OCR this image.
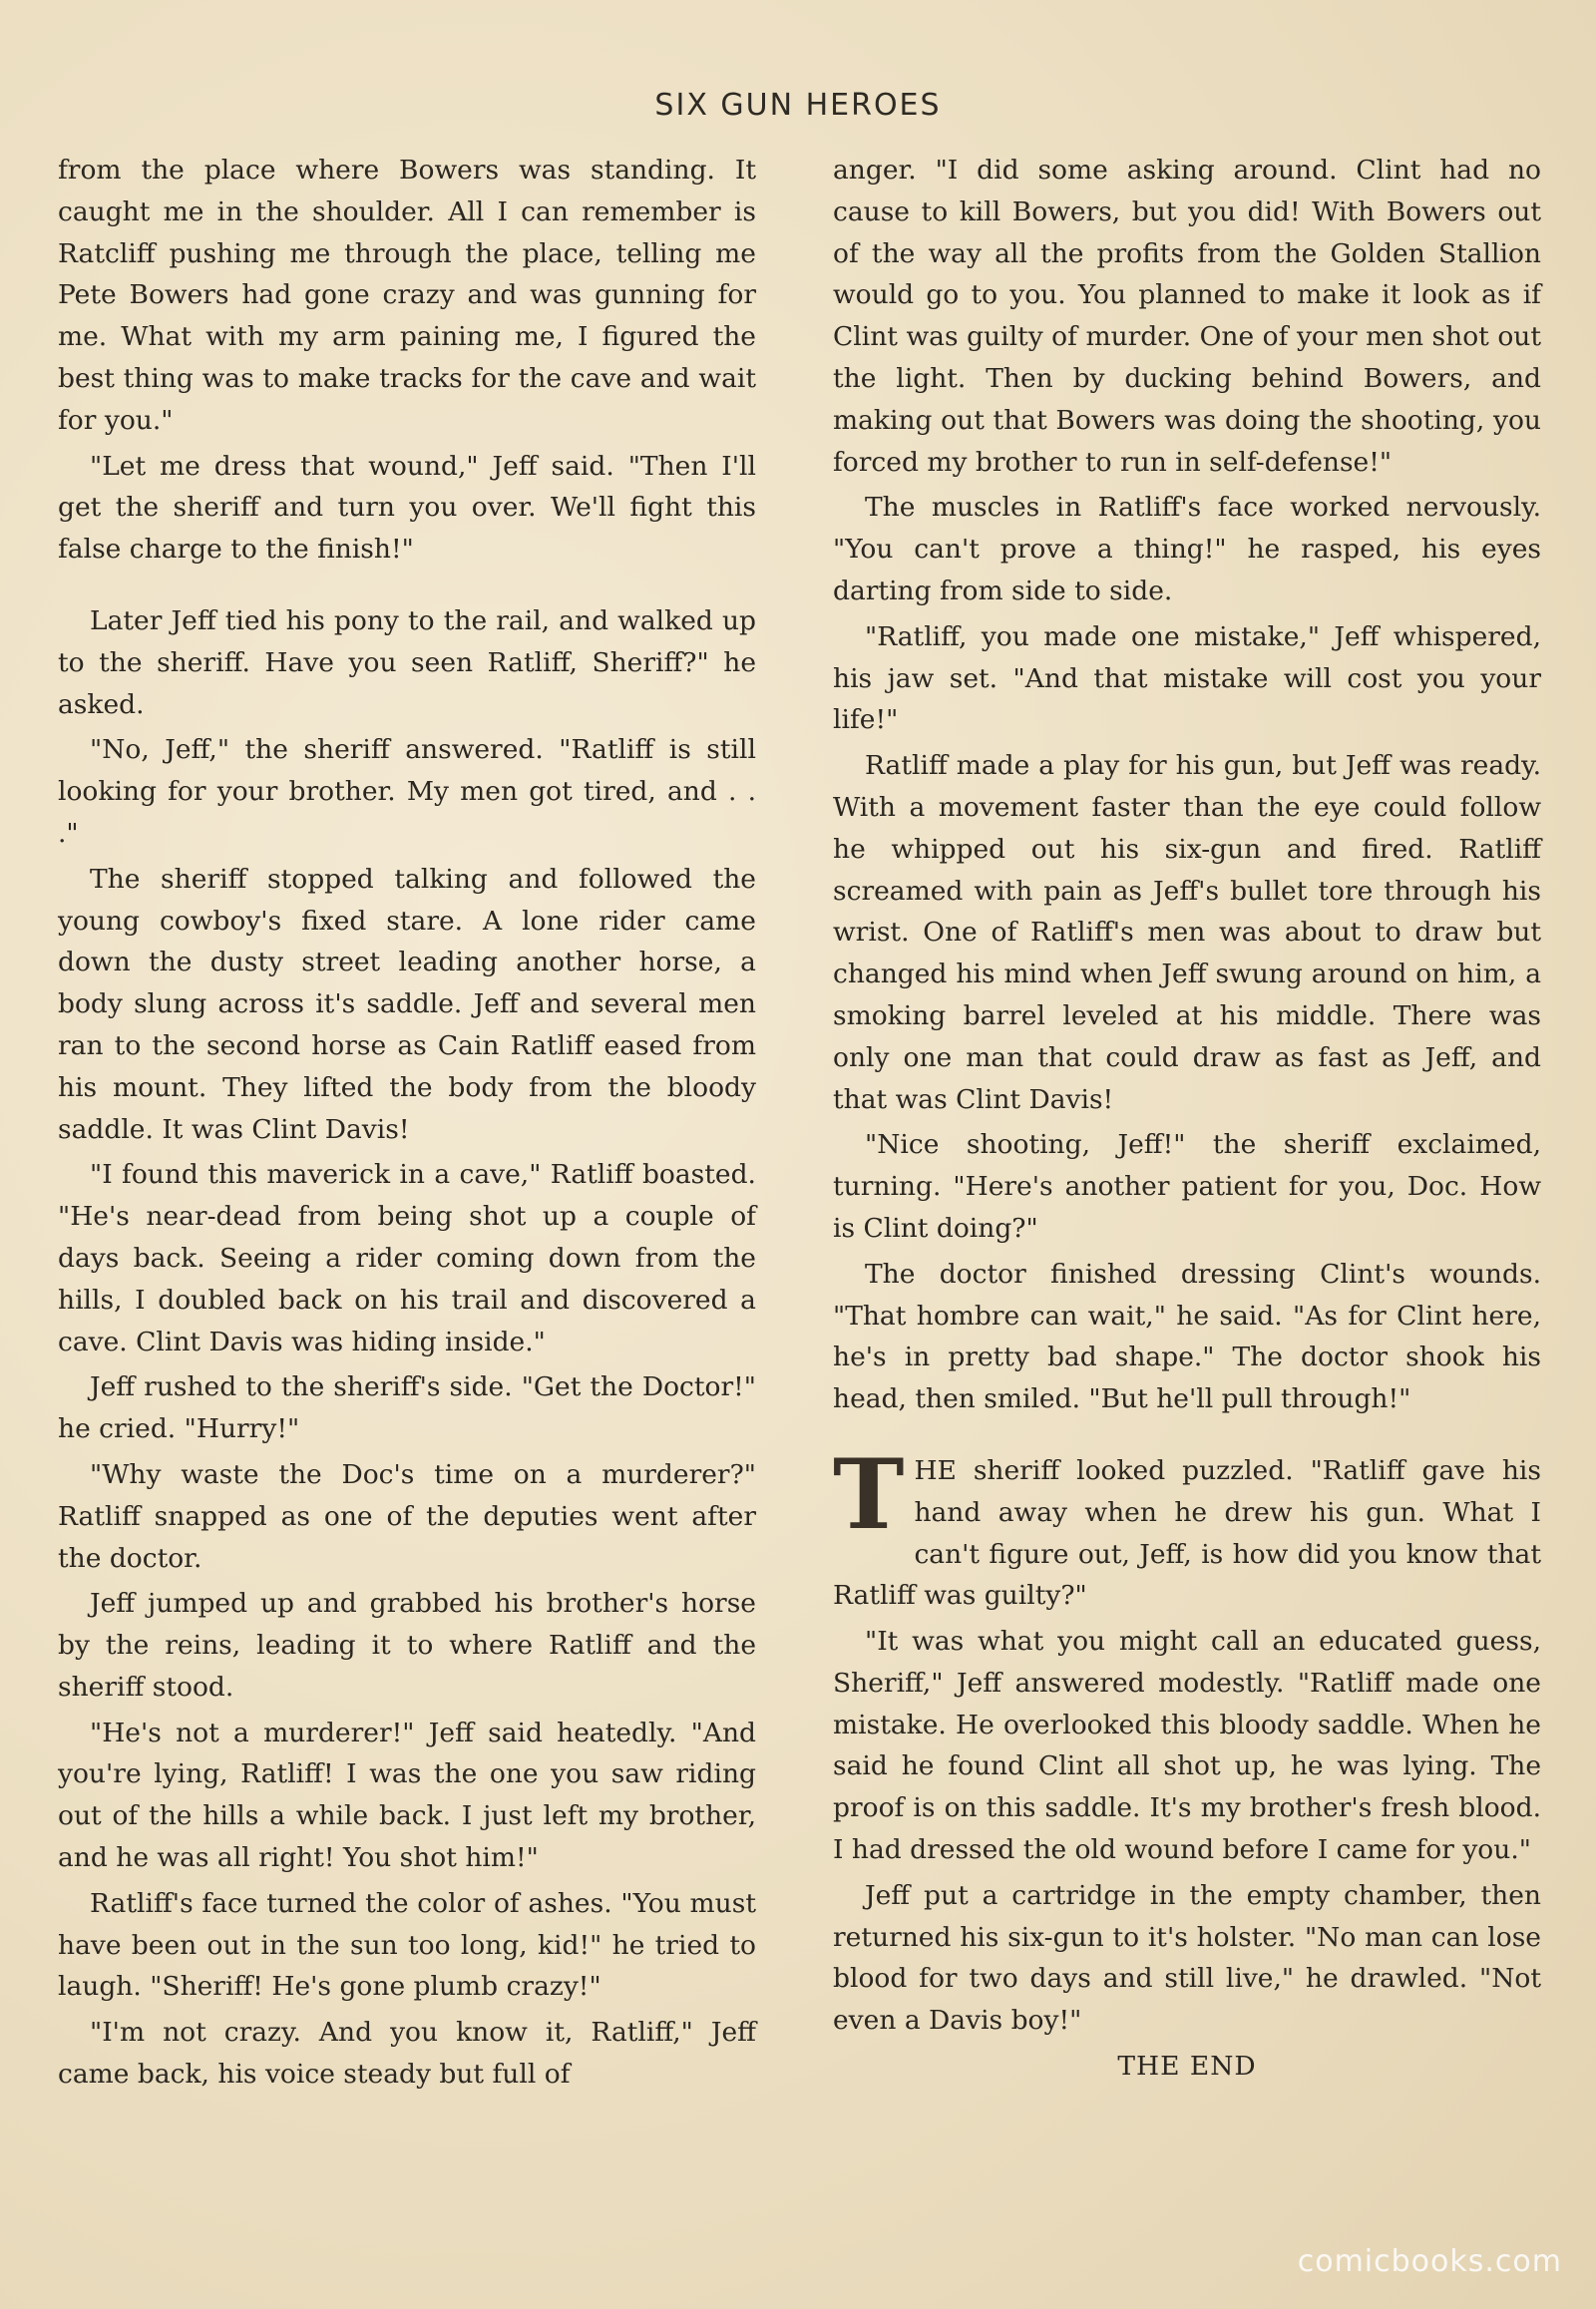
SIX GUN HEROES

from the place where Bowers was standing. It caught me in the shoulder. All I can remember is Ratcliff pushing me through the place, telling me Pete Bowers had gone crazy and was gunning for me. What with my arm paining me, I figured the best thing was to make tracks for the cave and wait for you."

"Let me dress that wound," Jeff said. "Then I'll get the sheriff and turn you over. We'll fight this false charge to the finish!"

Later Jeff tied his pony to the rail, and walked up to the sheriff. Have you seen Ratliff, Sheriff?" he asked.

"No, Jeff," the sheriff answered. "Ratliff is still looking for your brother. My men got tired, and . . ."

The sheriff stopped talking and followed the young cowboy's fixed stare. A lone rider came down the dusty street leading another horse, a body slung across it's saddle. Jeff and several men ran to the second horse as Cain Ratliff eased from his mount. They lifted the body from the bloody saddle. It was Clint Davis!

"I found this maverick in a cave," Ratliff boasted. "He's near-dead from being shot up a couple of days back. Seeing a rider coming down from the hills, I doubled back on his trail and discovered a cave. Clint Davis was hiding inside."

Jeff rushed to the sheriff's side. "Get the Doctor!" he cried. "Hurry!"

"Why waste the Doc's time on a murderer?" Ratliff snapped as one of the deputies went after the doctor.

Jeff jumped up and grabbed his brother's horse by the reins, leading it to where Ratliff and the sheriff stood.

"He's not a murderer!" Jeff said heatedly. "And you're lying, Ratliff! I was the one you saw riding out of the hills a while back. I just left my brother, and he was all right! You shot him!"

Ratliff's face turned the color of ashes. "You must have been out in the sun too long, kid!" he tried to laugh. "Sheriff! He's gone plumb crazy!"

"I'm not crazy. And you know it, Ratliff," Jeff came back, his voice steady but full of

anger. "I did some asking around. Clint had no cause to kill Bowers, but you did! With Bowers out of the way all the profits from the Golden Stallion would go to you. You planned to make it look as if Clint was guilty of murder. One of your men shot out the light. Then by ducking behind Bowers, and making out that Bowers was doing the shooting, you forced my brother to run in self-defense!"

The muscles in Ratliff's face worked nervously. "You can't prove a thing!" he rasped, his eyes darting from side to side.

"Ratliff, you made one mistake," Jeff whispered, his jaw set. "And that mistake will cost you your life!"

Ratliff made a play for his gun, but Jeff was ready. With a movement faster than the eye could follow he whipped out his six-gun and fired. Ratliff screamed with pain as Jeff's bullet tore through his wrist. One of Ratliff's men was about to draw but changed his mind when Jeff swung around on him, a smoking barrel leveled at his middle. There was only one man that could draw as fast as Jeff, and that was Clint Davis!

"Nice shooting, Jeff!" the sheriff exclaimed, turning. "Here's another patient for you, Doc. How is Clint doing?"

The doctor finished dressing Clint's wounds. "That hombre can wait," he said. "As for Clint here, he's in pretty bad shape." The doctor shook his head, then smiled. "But he'll pull through!"

THE sheriff looked puzzled. "Ratliff gave his hand away when he drew his gun. What I can't figure out, Jeff, is how did you know that Ratliff was guilty?"

"It was what you might call an educated guess, Sheriff," Jeff answered modestly. "Ratliff made one mistake. He overlooked this bloody saddle. When he said he found Clint all shot up, he was lying. The proof is on this saddle. It's my brother's fresh blood. I had dressed the old wound before I came for you."

Jeff put a cartridge in the empty chamber, then returned his six-gun to it's holster. "No man can lose blood for two days and still live," he drawled. "Not even a Davis boy!"

THE END

comicbooks.com
